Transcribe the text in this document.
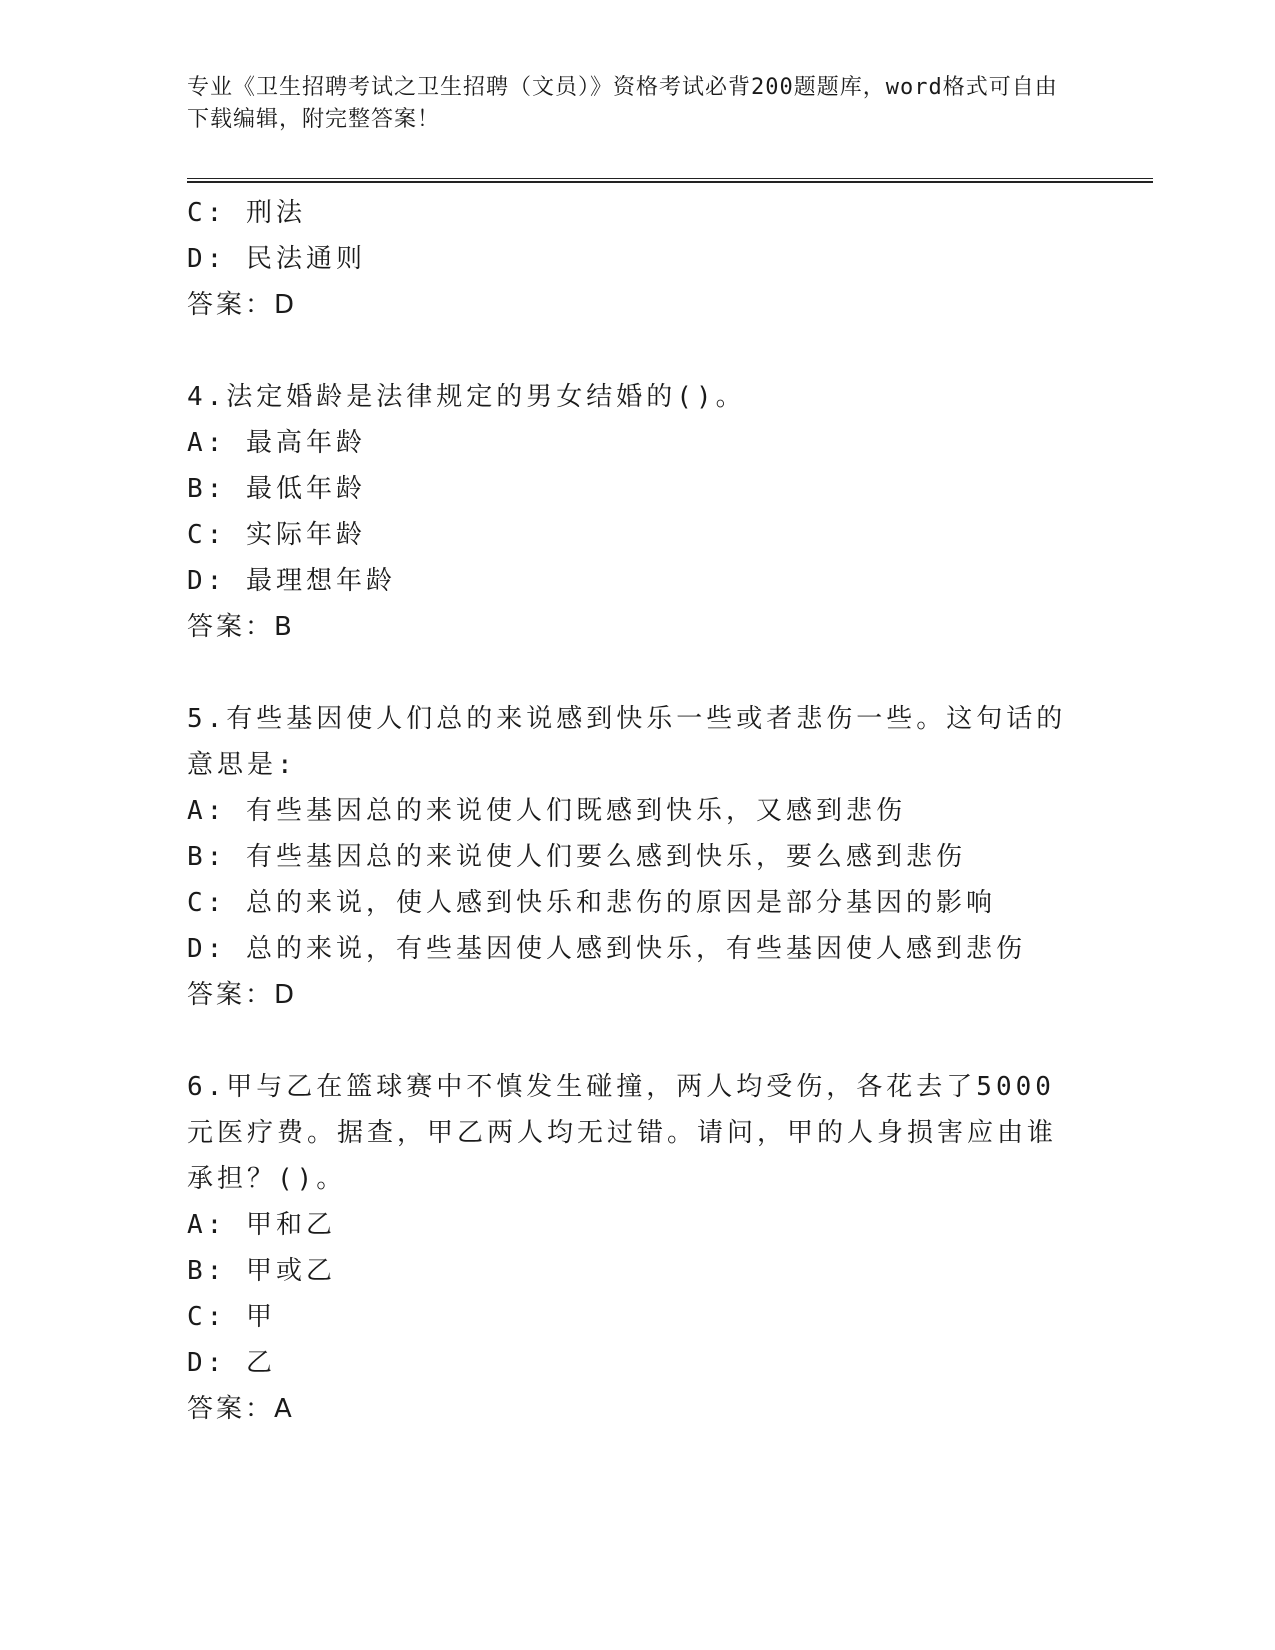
专业《卫生招聘考试之卫生招聘（文员）》资格考试必背200题题库，word格式可自由下载编辑，附完整答案！

C: 刑法
D: 民法通则
答案：D
4.法定婚龄是法律规定的男女结婚的()。
A: 最高年龄
B: 最低年龄
C: 实际年龄
D: 最理想年龄
答案：B
5.有些基因使人们总的来说感到快乐一些或者悲伤一些。这句话的意思是:
A: 有些基因总的来说使人们既感到快乐，又感到悲伤
B: 有些基因总的来说使人们要么感到快乐，要么感到悲伤
C: 总的来说，使人感到快乐和悲伤的原因是部分基因的影响
D: 总的来说，有些基因使人感到快乐，有些基因使人感到悲伤
答案：D
6.甲与乙在篮球赛中不慎发生碰撞，两人均受伤，各花去了5000元医疗费。据查，甲乙两人均无过错。请问，甲的人身损害应由谁承担？()。
A: 甲和乙
B: 甲或乙
C: 甲
D: 乙
答案：A
